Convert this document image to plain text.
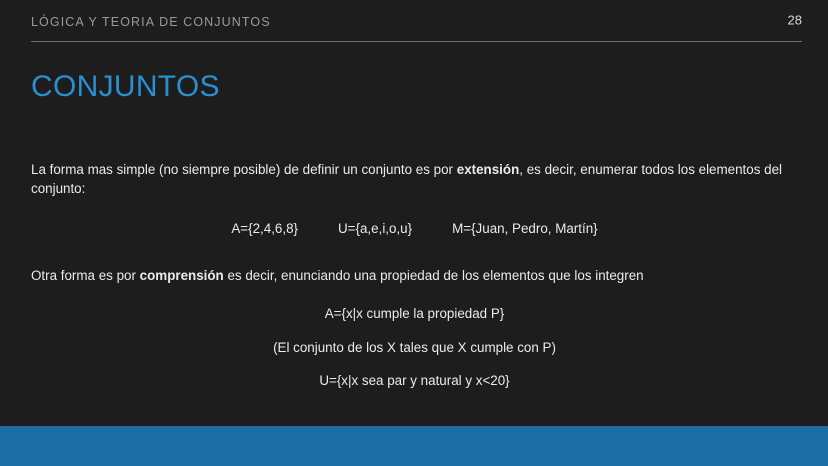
LÓGICA Y TEORIA DE CONJUNTOS	28
CONJUNTOS
La forma mas simple (no siempre posible) de definir un conjunto es por extensión, es decir, enumerar todos los elementos del conjunto:
A={2,4,6,8}	U={a,e,i,o,u}	M={Juan, Pedro, Martín}
Otra forma es por comprensión es decir, enunciando una propiedad de los elementos que los integren
A={x|x cumple la propiedad P}
(El conjunto de los X tales que X cumple con P)
U={x|x sea par y natural y x<20}
